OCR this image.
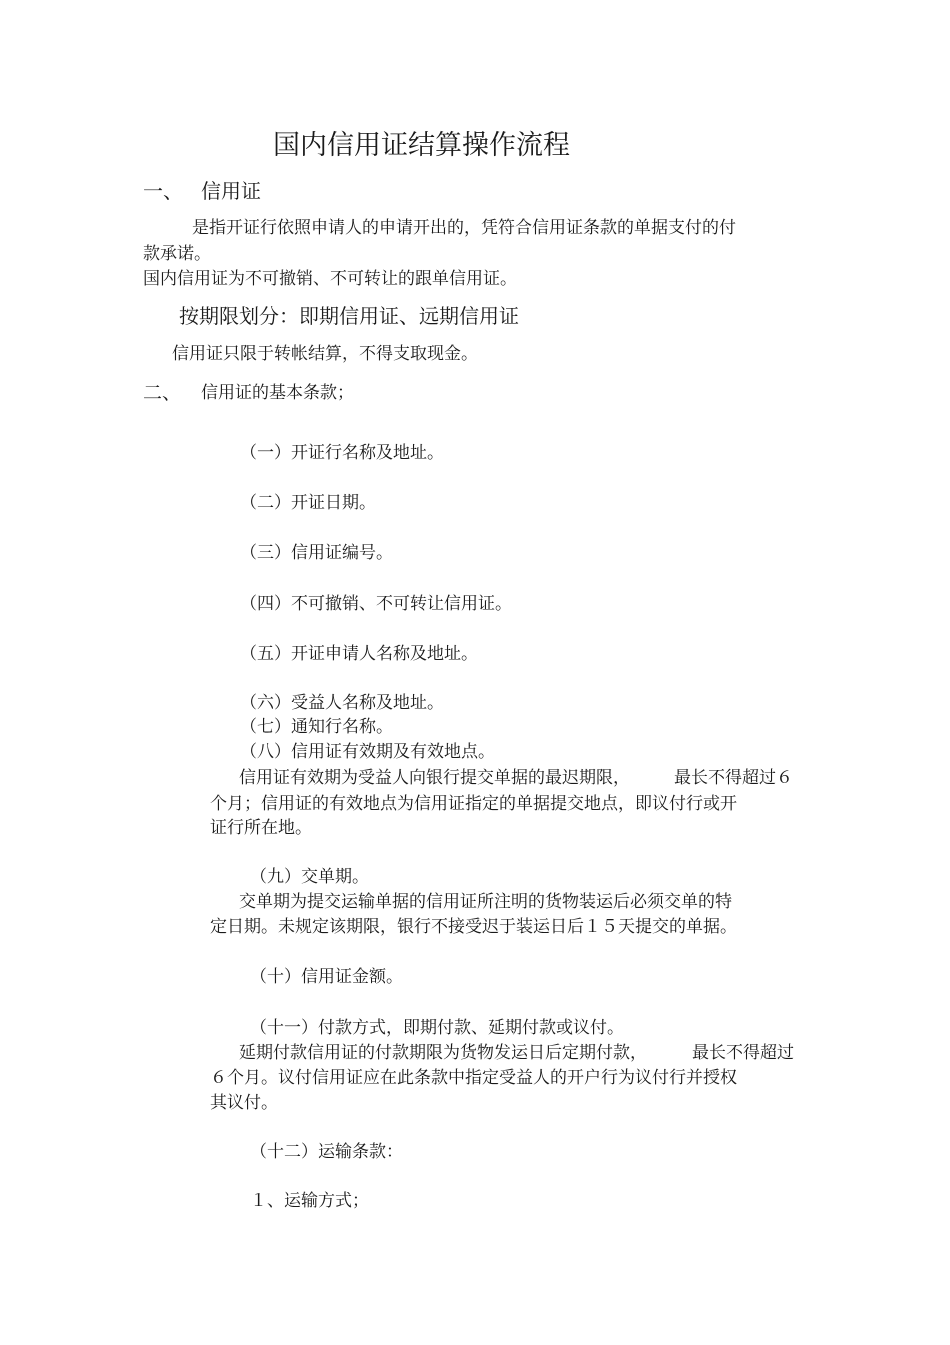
国内信用证结算操作流程
一、 信用证
是指开证行依照申请人的申请开出的，凭符合信用证条款的单据支付的付
款承诺。
国内信用证为不可撤销、不可转让的跟单信用证。
按期限划分：即期信用证、远期信用证
信用证只限于转帐结算，不得支取现金。
二、 信用证的基本条款；
（一）开证行名称及地址。
（二）开证日期。
（三）信用证编号。
（四）不可撤销、不可转让信用证。
（五）开证申请人名称及地址。
（六）受益人名称及地址。
（七）通知行名称。
（八）信用证有效期及有效地点。
信用证有效期为受益人向银行提交单据的最迟期限，	最长不得超过６
个月；信用证的有效地点为信用证指定的单据提交地点，即议付行或开
证行所在地。
（九）交单期。
交单期为提交运输单据的信用证所注明的货物装运后必须交单的特
定日期。未规定该期限，银行不接受迟于装运日后１５天提交的单据。
（十）信用证金额。
（十一）付款方式，即期付款、延期付款或议付。
延期付款信用证的付款期限为货物发运日后定期付款，	最长不得超过
６个月。议付信用证应在此条款中指定受益人的开户行为议付行并授权
其议付。
（十二）运输条款：
１、运输方式；
